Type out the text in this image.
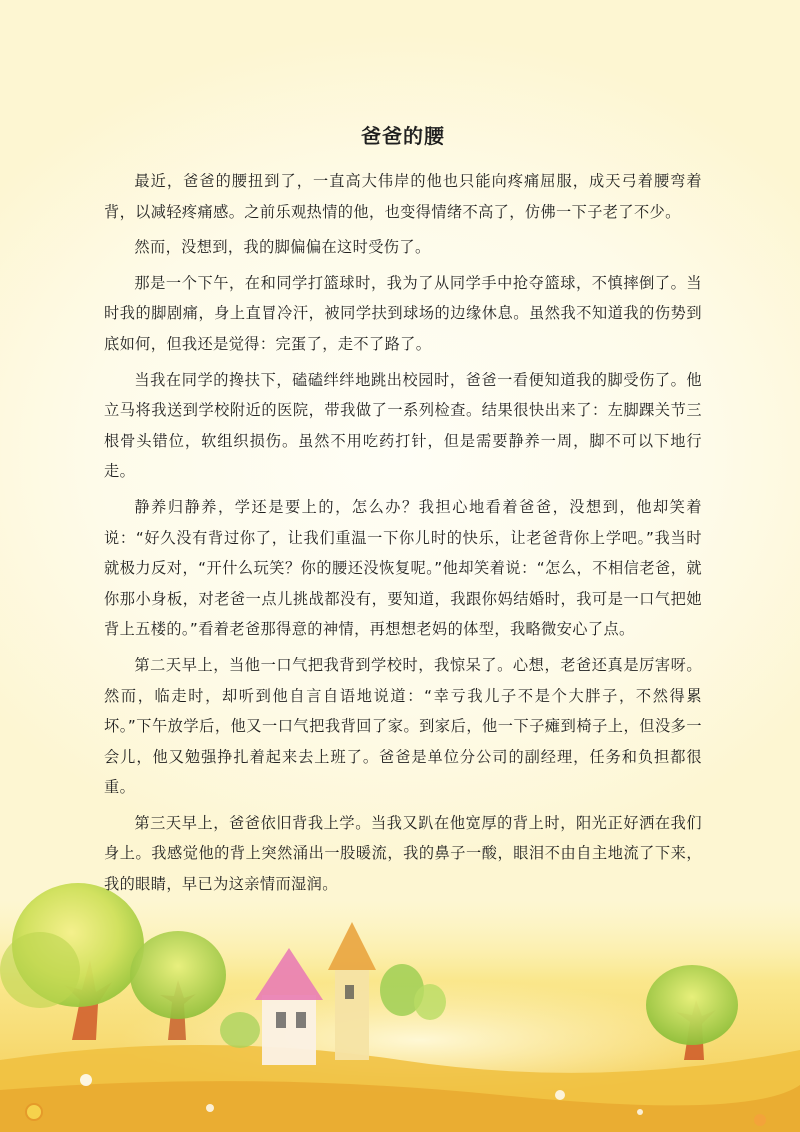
爸爸的腰

最近，爸爸的腰扭到了，一直高大伟岸的他也只能向疼痛屈服，成天弓着腰弯着背，以减轻疼痛感。之前乐观热情的他，也变得情绪不高了，仿佛一下子老了不少。

然而，没想到，我的脚偏偏在这时受伤了。

那是一个下午，在和同学打篮球时，我为了从同学手中抢夺篮球，不慎摔倒了。当时我的脚剧痛，身上直冒冷汗，被同学扶到球场的边缘休息。虽然我不知道我的伤势到底如何，但我还是觉得：完蛋了，走不了路了。

当我在同学的搀扶下，磕磕绊绊地跳出校园时，爸爸一看便知道我的脚受伤了。他立马将我送到学校附近的医院，带我做了一系列检查。结果很快出来了：左脚踝关节三根骨头错位，软组织损伤。虽然不用吃药打针，但是需要静养一周，脚不可以下地行走。

静养归静养，学还是要上的，怎么办？我担心地看着爸爸，没想到，他却笑着说：“好久没有背过你了，让我们重温一下你儿时的快乐，让老爸背你上学吧。”我当时就极力反对，“开什么玩笑？你的腰还没恢复呢。”他却笑着说：“怎么，不相信老爸，就你那小身板，对老爸一点儿挑战都没有，要知道，我跟你妈结婚时，我可是一口气把她背上五楼的。”看着老爸那得意的神情，再想想老妈的体型，我略微安心了点。

第二天早上，当他一口气把我背到学校时，我惊呆了。心想，老爸还真是厉害呀。然而，临走时，却听到他自言自语地说道：“幸亏我儿子不是个大胖子，不然得累坏。”下午放学后，他又一口气把我背回了家。到家后，他一下子瘫到椅子上，但没多一会儿，他又勉强挣扎着起来去上班了。爸爸是单位分公司的副经理，任务和负担都很重。

第三天早上，爸爸依旧背我上学。当我又趴在他宽厚的背上时，阳光正好洒在我们身上。我感觉他的背上突然涌出一股暖流，我的鼻子一酸，眼泪不由自主地流了下来，我的眼睛，早已为这亲情而湿润。
